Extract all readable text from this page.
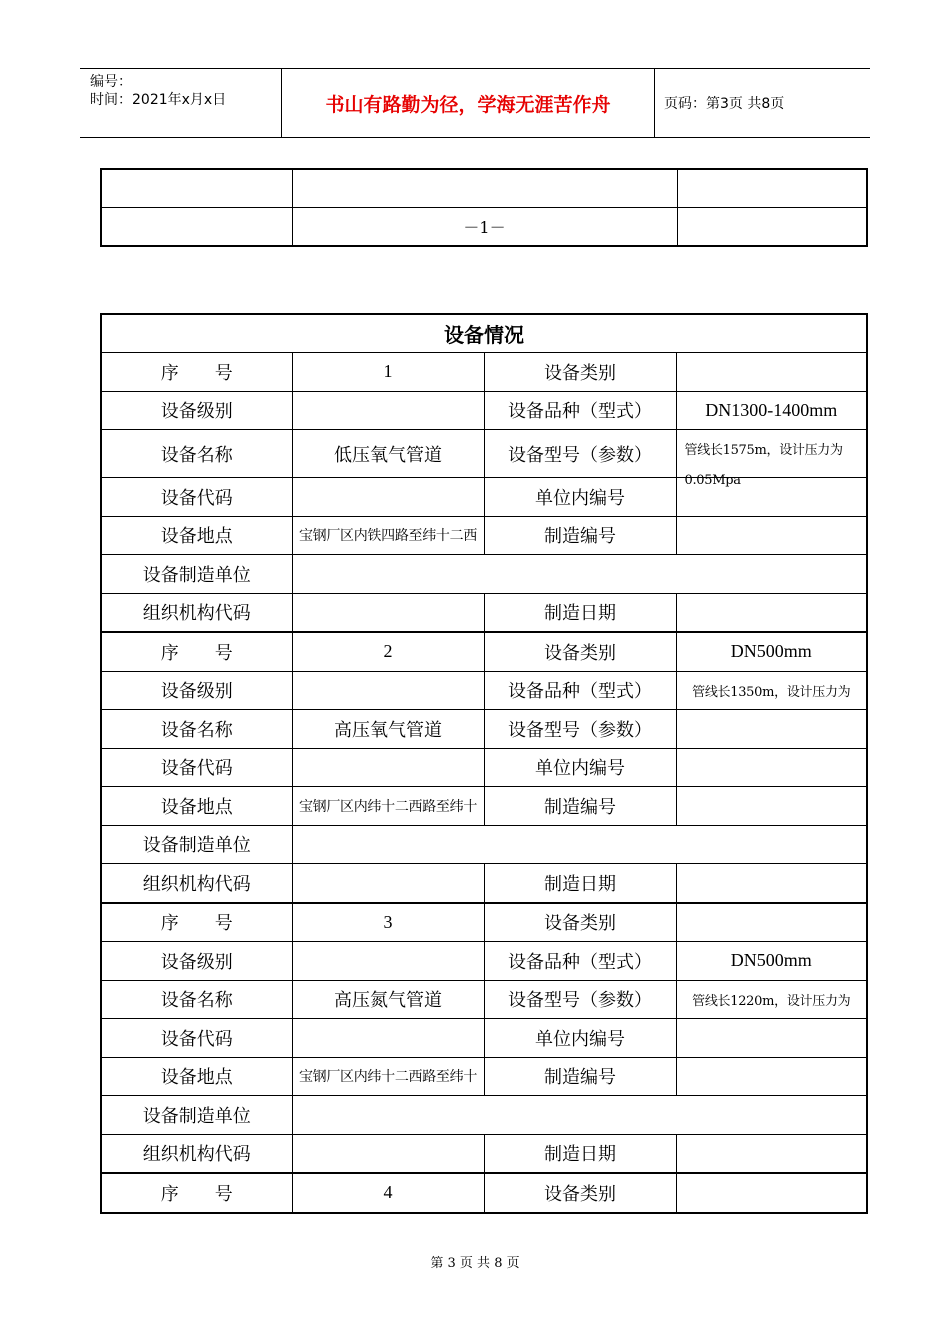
编号：
时间：2021年x月x日	书山有路勤为径，学海无涯苦作舟	页码：第3页 共8页

	－1－	
设备情况			
序　　号	1	设备类别	
设备级别		设备品种（型式）	DN1300-1400mm
设备名称	低压氧气管道	设备型号（参数）	管线长1575m，设计压力为0.05Mpa

设备代码		单位内编号	
设备地点	宝钢厂区内铁四路至纬十二西	制造编号	
设备制造单位			
组织机构代码		制造日期	
序　　号	2	设备类别	DN500mm
设备级别		设备品种（型式）	管线长1350m，设计压力为
设备名称	高压氧气管道	设备型号（参数）	
设备代码		单位内编号	
设备地点	宝钢厂区内纬十二西路至纬十	制造编号	
设备制造单位			
组织机构代码		制造日期	
序　　号	3	设备类别	
设备级别		设备品种（型式）	DN500mm
设备名称	高压氮气管道	设备型号（参数）	管线长1220m，设计压力为
设备代码		单位内编号	
设备地点	宝钢厂区内纬十二西路至纬十	制造编号	
设备制造单位			
组织机构代码		制造日期	
序　　号	4	设备类别	
第 3 页 共 8 页
